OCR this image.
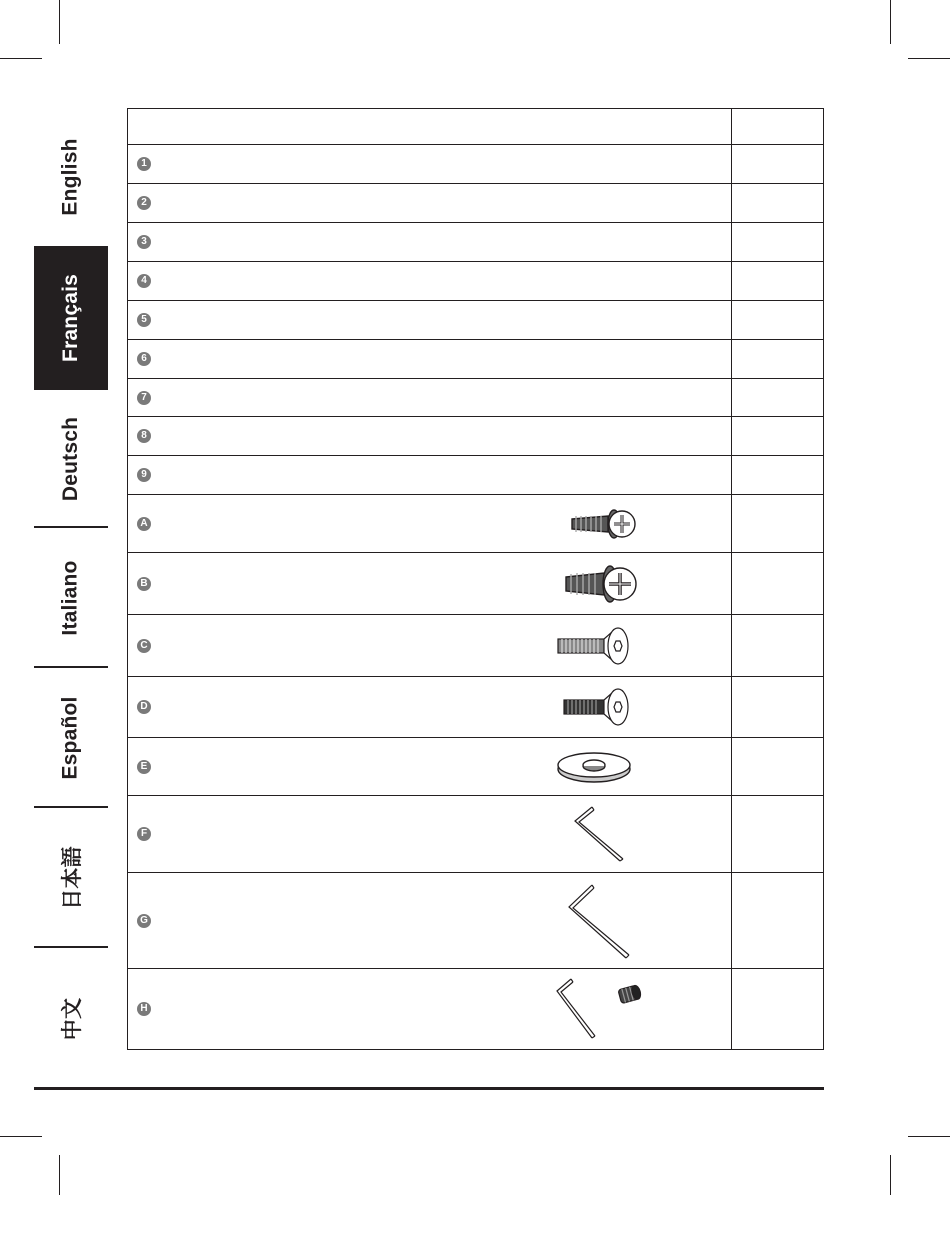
English
Français
Deutsch
Italiano
Español
日本語
中文

1	

2	

3	

4	

5	

6	

7	

8	

9	

A	

B	

C	

D	

E	

F	

G	

H	
